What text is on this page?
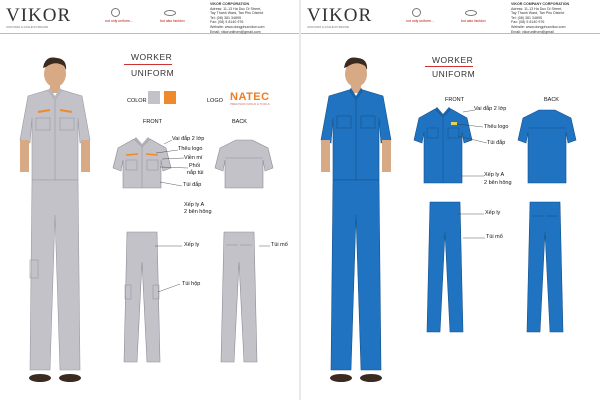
VIKOR
UNIFORM & FASHION BRAND
not only uniform...	but also fashion
VIKOR CORPORATION
Adress: 11-13 Ha Duc Di Street,
Tay Thanh Ward, Tan Phu District
Tel: (08) 381 34895
Fax: (08) 5 8140 976
Website: www.dongphucvikor.com
Email: vikorunifrom@gmail.com
WORKER
UNIFORM
COLOR	LOGO NATEC
PRECISION MOLD & TOOLS
FRONT	BACK
Vai đắp 2 lớp
Thêu logo
Viền mí
Phối
nắp túi
Túi đắp
Xếp ly A
2 bên hông
Xếp ly	Túi mổ
Túi hộp
VIKOR
UNIFORM & FASHION BRAND
not only uniform...	but also fashion
VIKOR COMPANY CORPORATION
Adress: 11-13 Ha Duc Di Street,
Tay Thanh Ward, Tan Phu District
Tel: (08) 381 34895
Fax: (08) 5 8140 976
Website: www.dongphucvikor.com
Email: vikorunifrom@gmail
WORKER
UNIFORM
FRONT	BACK
Vai đắp 2 lớp
Thêu logo
Túi đắp
Xếp ly A
2 bên hông
Xếp ly
Túi mổ
